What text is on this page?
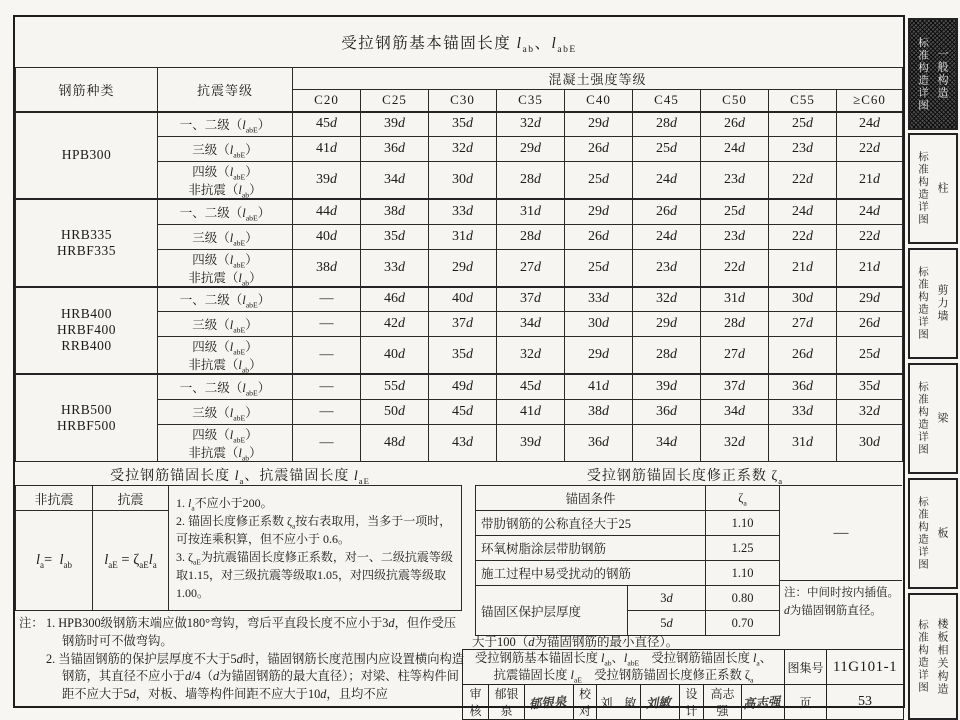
受拉钢筋基本锚固长度 $l_{ab}$、$l_{abE}$
钢筋种类	抗震等级	混凝土强度等级								
		C20	C25	C30	C35	C40	C45	C50	C55	≥C60
HPB300	一、二级$(l_{abE})$	45d	39d	35d	32d	29d	28d	26d	25d	24d
	三级$(l_{abE})$	41d	36d	32d	29d	26d	25d	24d	23d	22d
	四级$(l_{abE})$
非抗震$(l_{ab})$	39d	34d	30d	28d	25d	24d	23d	22d	21d
HRB335
HRBF335	一、二级$(l_{abE})$	44d	38d	33d	31d	29d	26d	25d	24d	24d
	三级$(l_{abE})$	40d	35d	31d	28d	26d	24d	23d	22d	22d
	四级$(l_{abE})$
非抗震$(l_{ab})$	38d	33d	29d	27d	25d	23d	22d	21d	21d
HRB400
HRBF400
RRB400	一、二级$(l_{abE})$	—	46d	40d	37d	33d	32d	31d	30d	29d
	三级$(l_{abE})$	—	42d	37d	34d	30d	29d	28d	27d	26d
	四级$(l_{abE})$
非抗震$(l_{ab})$	—	40d	35d	32d	29d	28d	27d	26d	25d
HRB500
HRBF500	一、二级$(l_{abE})$	—	55d	49d	45d	41d	39d	37d	36d	35d
	三级$(l_{abE})$	—	50d	45d	41d	38d	36d	34d	33d	32d
	四级$(l_{abE})$
非抗震$(l_{ab})$	—	48d	43d	39d	36d	34d	32d	31d	30d
受拉钢筋锚固长度 $l_a$、抗震锚固长度 $l_{aE}$
非抗震	抗震	1. $l_a$不应小于200。
2. 锚固长度修正系数 $\zeta_a$按右表取用，当多于一项时，可按连乘积算，但不应小于 0.6。
3. $\zeta_{aE}$为抗震锚固长度修正系数，对一、二级抗震等级取1.15，对三级抗震等级取1.05，对四级抗震等级取1.00。

$l_a= l_{ab}$	$l_{aE} = \zeta_{aE}l_a$
受拉钢筋锚固长度修正系数 $\zeta_a$
锚固条件		$\zeta_a$
带肋钢筋的公称直径大于25		1.10
环氧树脂涂层带肋钢筋		1.25
施工过程中易受扰动的钢筋		1.10
锚固区保护层厚度	3d	0.80
	5d	0.70
—
注：中间时按内插值。
d为锚固钢筋直径。
大于100（d为锚固钢筋的最小直径）。
注： 1. HPB300级钢筋末端应做180°弯钩，弯后平直段长度不应小于3d，但作受压钢筋时可不做弯钩。
2. 当锚固钢筋的保护层厚度不大于5d时，锚固钢筋长度范围内应设置横向构造钢筋，其直径不应小于d/4（d为锚固钢筋的最大直径）；对梁、柱等构件间距不应大于5d，对板、墙等构件间距不应大于10d，且均不应
受拉钢筋基本锚固长度 $l_{ab}$、$l_{abE}$　受拉钢筋锚固长度 $l_a$、
抗震锚固长度 $l_{aE}$　受拉钢筋锚固长度修正系数 $\zeta_a$									图集号	11G101-1
审核	郁银泉	郁银泉	校对	刘　敏	刘敏	设计	高志强	高志强	页	53
标准构造详图 一般构造
标准构造详图 柱
标准构造详图 剪力墙
标准构造详图 梁
标准构造详图 板
标准构造详图 楼板相关构造
